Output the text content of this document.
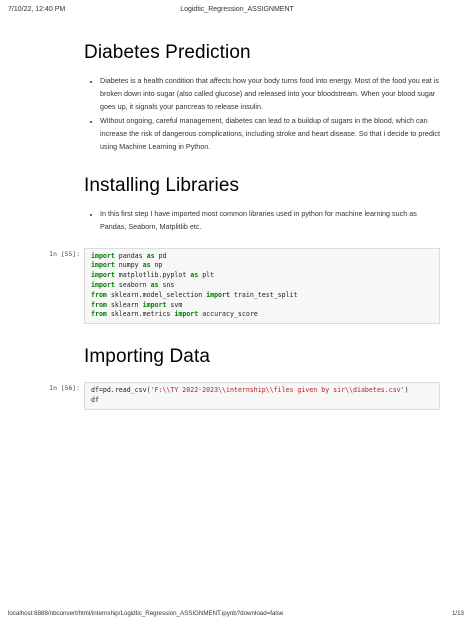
7/10/22, 12:40 PM	Logidtic_Regression_ASSIGNMENT
Diabetes Prediction
• Diabetes is a health condition that affects how your body turns food into energy. Most of the food you eat is broken down into sugar (also called glucose) and released into your bloodstream. When your blood sugar goes up, it signals your pancreas to release insulin.
• Without ongoing, careful management, diabetes can lead to a buildup of sugars in the blood, which can increase the risk of dangerous complications, including stroke and heart disease. So that i decide to predict using Machine Learning in Python.
Installing Libraries
• In this first step I have imported most common libraries used in python for machine learning such as Pandas, Seaborn, Matplitlib etc.
In [55]:	import pandas as pd
import numpy as np
import matplotlib.pyplot as plt
import seaborn as sns
from sklearn.model_selection import train_test_split
from sklearn import svm
from sklearn.metrics import accuracy_score
Importing Data
In [56]:	df=pd.read_csv('F:\\TY 2022-2023\\internship\\files given by sir\\diabetes.csv')
df
localhost:8888/nbconvert/html/internship/Logidtic_Regression_ASSIGNMENT.ipynb?download=false	1/13
